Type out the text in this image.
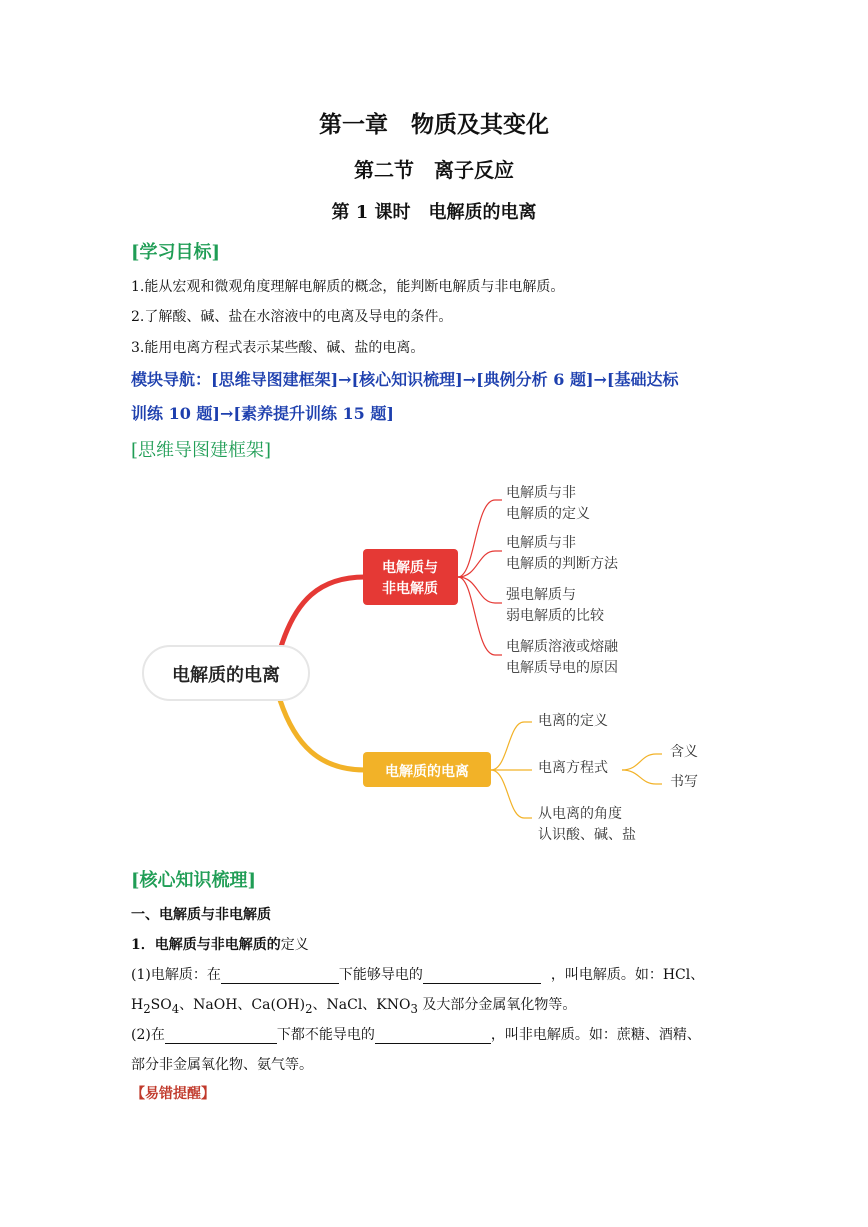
第一章　物质及其变化
第二节　离子反应
第 1 课时　电解质的电离
[学习目标]
1.能从宏观和微观角度理解电解质的概念，能判断电解质与非电解质。
2.了解酸、碱、盐在水溶液中的电离及导电的条件。
3.能用电离方程式表示某些酸、碱、盐的电离。
模块导航：[思维导图建框架]→[核心知识梳理]→[典例分析 6 题]→[基础达标
训练 10 题]→[素养提升训练 15 题]
[思维导图建框架]
电解质的电离
电解质与
非电解质
电解质与非
电解质的定义
电解质与非
电解质的判断方法
强电解质与
弱电解质的比较
电解质溶液或熔融
电解质导电的原因
电解质的电离
电离的定义
电离方程式
从电离的角度
认识酸、碱、盐
含义
书写
[核心知识梳理]
一、电解质与非电解质
1．电解质与非电解质的定义
(1)电解质：在	下能够导电的	，叫电解质。如：HCl、
$H_2SO_4$、NaOH、$Ca(OH)_2$、NaCl、$KNO_3$ 及大部分金属氧化物等。
(2)在	下都不能导电的	，叫非电解质。如：蔗糖、酒精、
部分非金属氧化物、氨气等。
【易错提醒】
